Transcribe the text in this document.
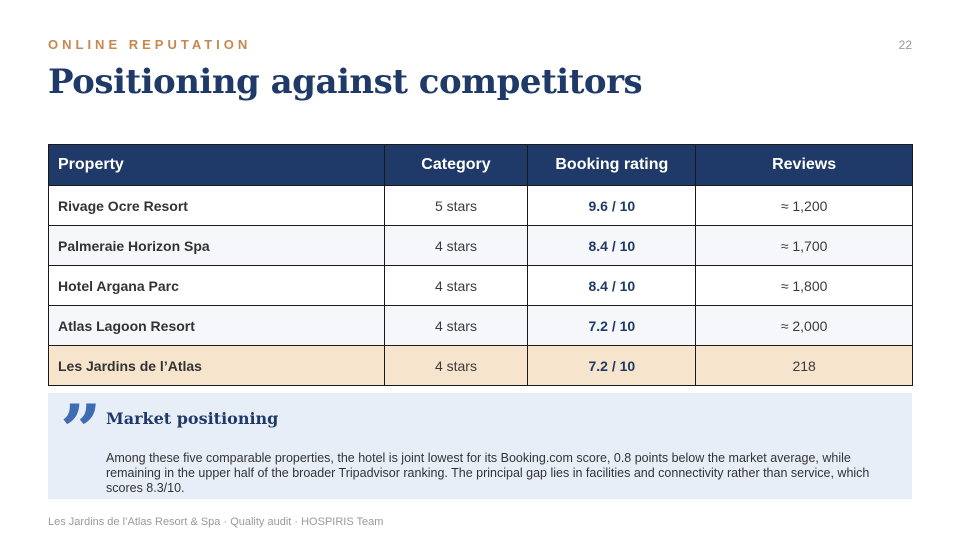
ONLINE REPUTATION	22
Positioning against competitors
Property	Category	Booking rating	Reviews
Rivage Ocre Resort	5 stars	9.6 / 10	≈ 1,200
Palmeraie Horizon Spa	4 stars	8.4 / 10	≈ 1,700
Hotel Argana Parc	4 stars	8.4 / 10	≈ 1,800
Atlas Lagoon Resort	4 stars	7.2 / 10	≈ 2,000
Les Jardins de l’Atlas	4 stars	7.2 / 10	218
” Market positioning
Among these five comparable properties, the hotel is joint lowest for its Booking.com score, 0.8 points below the market average, while remaining in the upper half of the broader Tripadvisor ranking. The principal gap lies in facilities and connectivity rather than service, which scores 8.3/10.
Les Jardins de l’Atlas Resort & Spa · Quality audit · HOSPIRIS Team
